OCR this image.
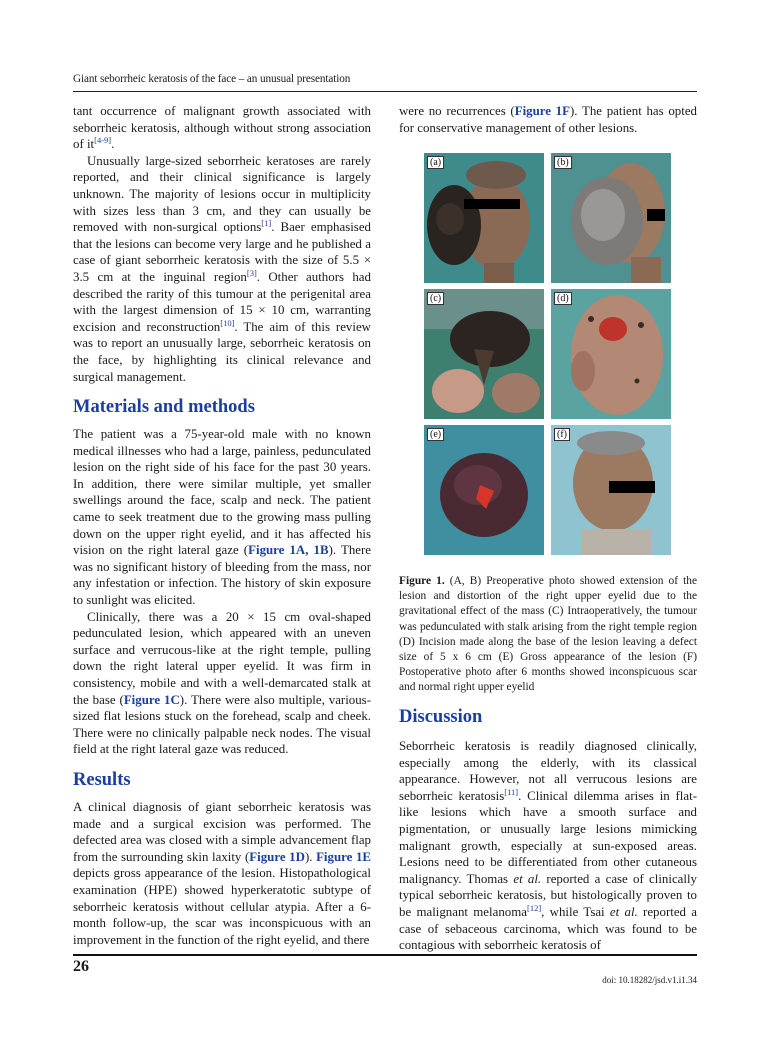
Giant seborrheic keratosis of the face – an unusual presentation

tant occurrence of malignant growth associated with seborrheic keratosis, although without strong association of it[4-9].

Unusually large-sized seborrheic keratoses are rarely reported, and their clinical significance is largely unknown. The majority of lesions occur in multiplicity with sizes less than 3 cm, and they can usually be removed with non-surgical options[1]. Baer emphasised that the lesions can become very large and he published a case of giant seborrheic keratosis with the size of 5.5 × 3.5 cm at the inguinal region[3]. Other authors had described the rarity of this tumour at the perigenital area with the largest dimension of 15 × 10 cm, warranting excision and reconstruction[10]. The aim of this review was to report an unusually large, seborrheic keratosis on the face, by highlighting its clinical relevance and surgical management.

Materials and methods

The patient was a 75-year-old male with no known medical illnesses who had a large, painless, pedunculated lesion on the right side of his face for the past 30 years. In addition, there were similar multiple, yet smaller swellings around the face, scalp and neck. The patient came to seek treatment due to the growing mass pulling down on the upper right eyelid, and it has affected his vision on the right lateral gaze (Figure 1A, 1B). There was no significant history of bleeding from the mass, nor any infestation or infection. The history of skin exposure to sunlight was elicited.

Clinically, there was a 20 × 15 cm oval-shaped pedunculated lesion, which appeared with an uneven surface and verrucous-like at the right temple, pulling down the right lateral upper eyelid. It was firm in consistency, mobile and with a well-demarcated stalk at the base (Figure 1C). There were also multiple, various-sized flat lesions stuck on the forehead, scalp and cheek. There were no clinically palpable neck nodes. The visual field at the right lateral gaze was reduced.

Results

A clinical diagnosis of giant seborrheic keratosis was made and a surgical excision was performed. The defected area was closed with a simple advancement flap from the surrounding skin laxity (Figure 1D). Figure 1E depicts gross appearance of the lesion. Histopathological examination (HPE) showed hyperkeratotic subtype of seborrheic keratosis without cellular atypia. After a 6-month follow-up, the scar was inconspicuous with an improvement in the function of the right eyelid, and there

were no recurrences (Figure 1F). The patient has opted for conservative management of other lesions.

(a)	(b)
(c)	(d)
(e)	(f)
Figure 1. (A, B) Preoperative photo showed extension of the lesion and distortion of the right upper eyelid due to the gravitational effect of the mass (C) Intraoperatively, the tumour was pedunculated with stalk arising from the right temple region (D) Incision made along the base of the lesion leaving a defect size of 5 x 6 cm (E) Gross appearance of the lesion (F) Postoperative photo after 6 months showed inconspicuous scar and normal right upper eyelid
Discussion

Seborrheic keratosis is readily diagnosed clinically, especially among the elderly, with its classical appearance. However, not all verrucous lesions are seborrheic keratosis[11]. Clinical dilemma arises in flat-like lesions which have a smooth surface and pigmentation, or unusually large lesions mimicking malignant growth, especially at sun-exposed areas. Lesions need to be differentiated from other cutaneous malignancy. Thomas et al. reported a case of clinically typical seborrheic keratosis, but histologically proven to be malignant melanoma[12], while Tsai et al. reported a case of sebaceous carcinoma, which was found to be contagious with seborrheic keratosis of

26
doi: 10.18282/jsd.v1.i1.34
